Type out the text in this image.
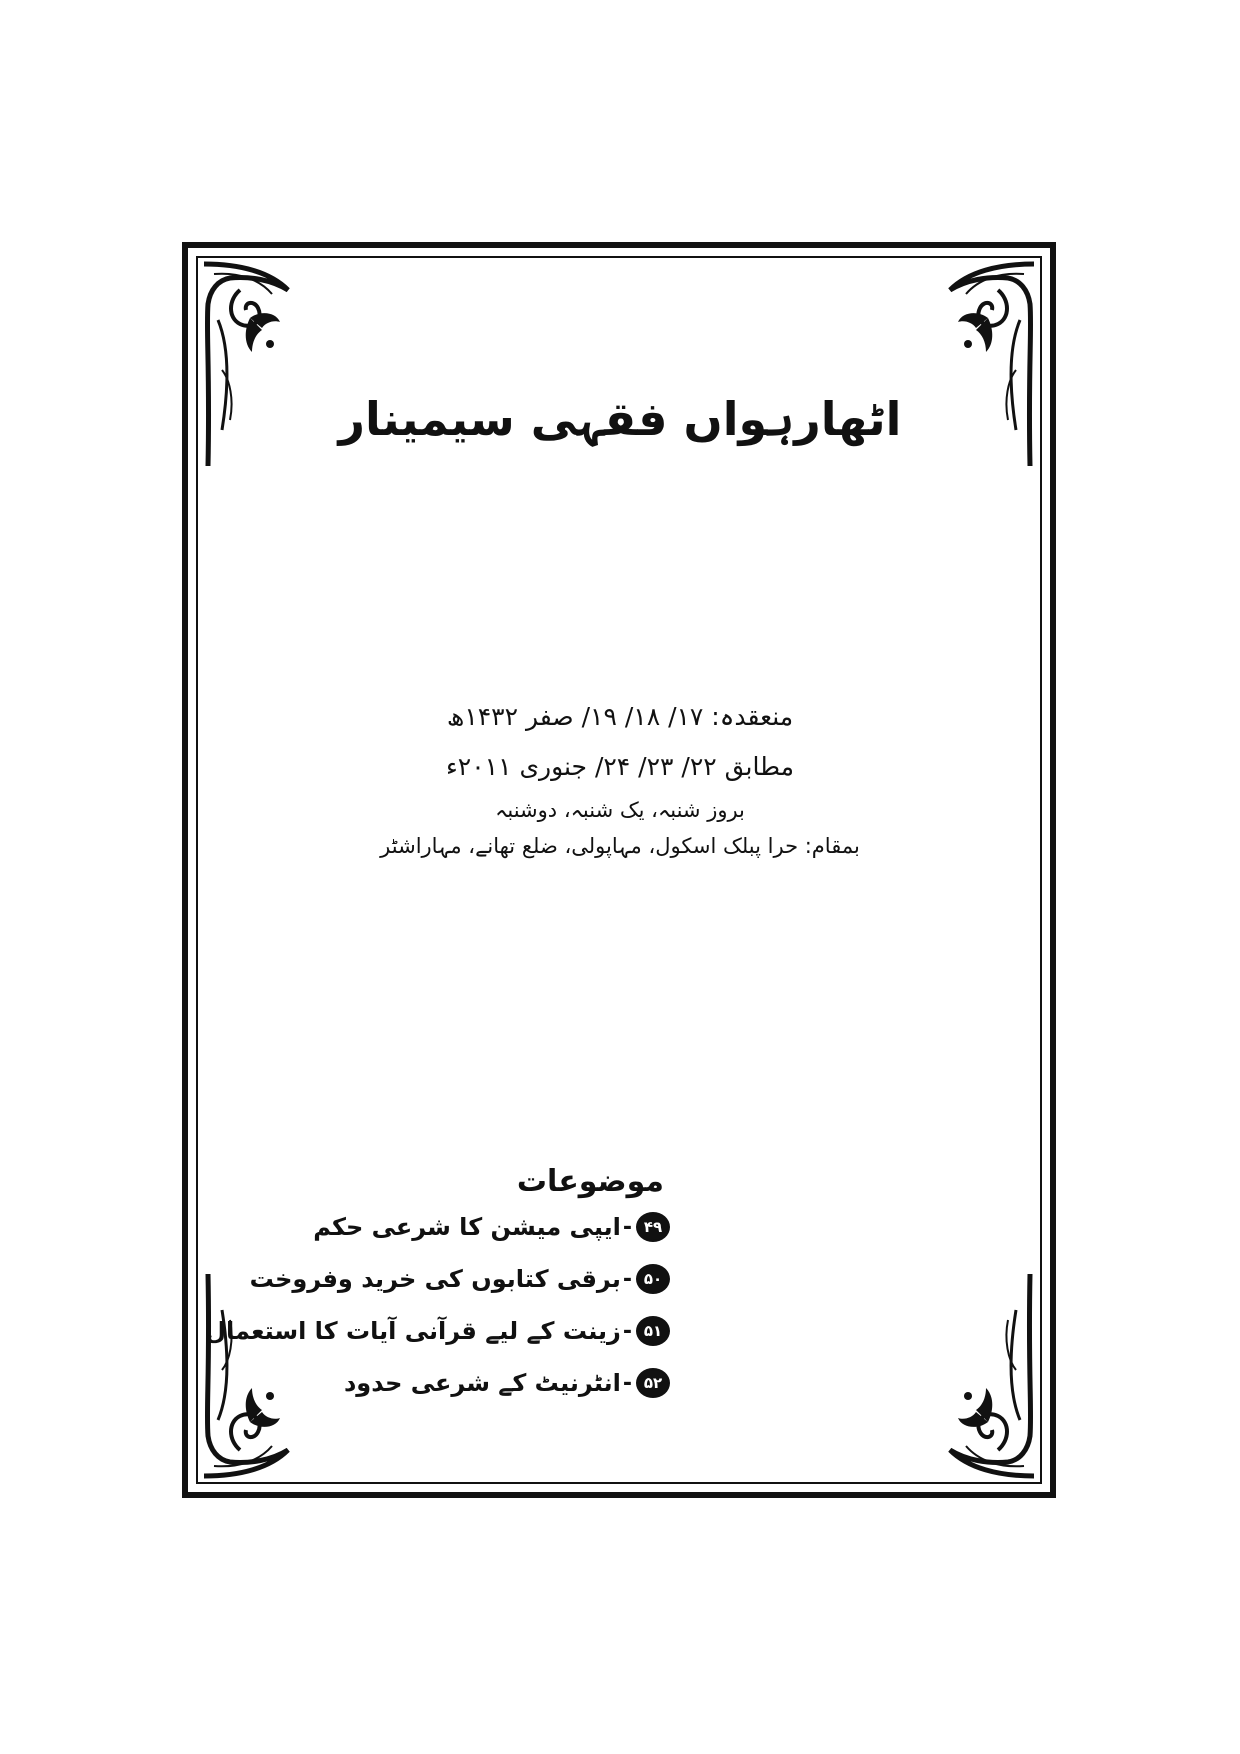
اٹھارہواں فقہی سیمینار
منعقدہ: ۱۷/ ۱۸/ ۱۹/ صفر ۱۴۳۲ھ
مطابق ۲۲/ ۲۳/ ۲۴/ جنوری ۲۰۱۱ء
بروز شنبہ، یک شنبہ، دوشنبہ
بمقام: حرا پبلک اسکول، مہاپولی، ضلع تھانے، مہاراشٹر
موضوعات
۴۹
-
ایپی میشن کا شرعی حکم
۵۰
-
برقی کتابوں کی خرید وفروخت
۵۱
-
زینت کے لیے قرآنی آیات کا استعمال
۵۲
-
انٹرنیٹ کے شرعی حدود
